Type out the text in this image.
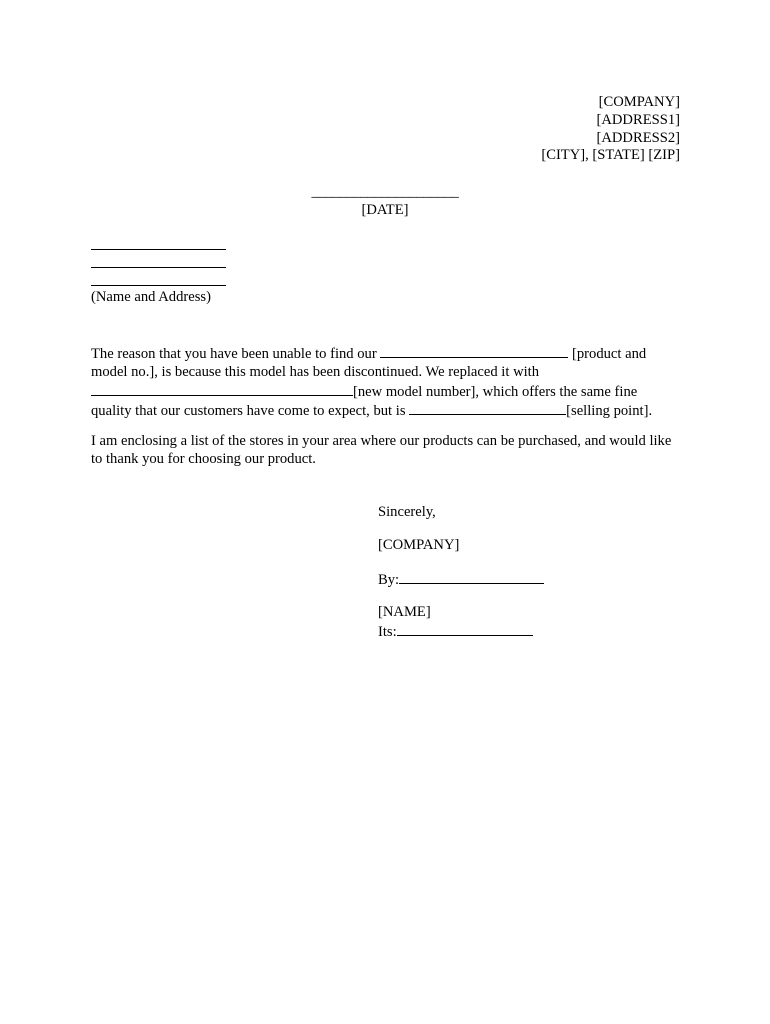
[COMPANY]
[ADDRESS1]
[ADDRESS2]
[CITY], [STATE] [ZIP]
_____________________
[DATE]
(Name and Address)
The reason that you have been unable to find our	[product and model no.], is because this model has been discontinued. We replaced it with [new model number], which offers the same fine quality that our customers have come to expect, but is	[selling point].
I am enclosing a list of the stores in your area where our products can be purchased, and would like to thank you for choosing our product.
Sincerely,
[COMPANY]
By:
[NAME]
Its:
